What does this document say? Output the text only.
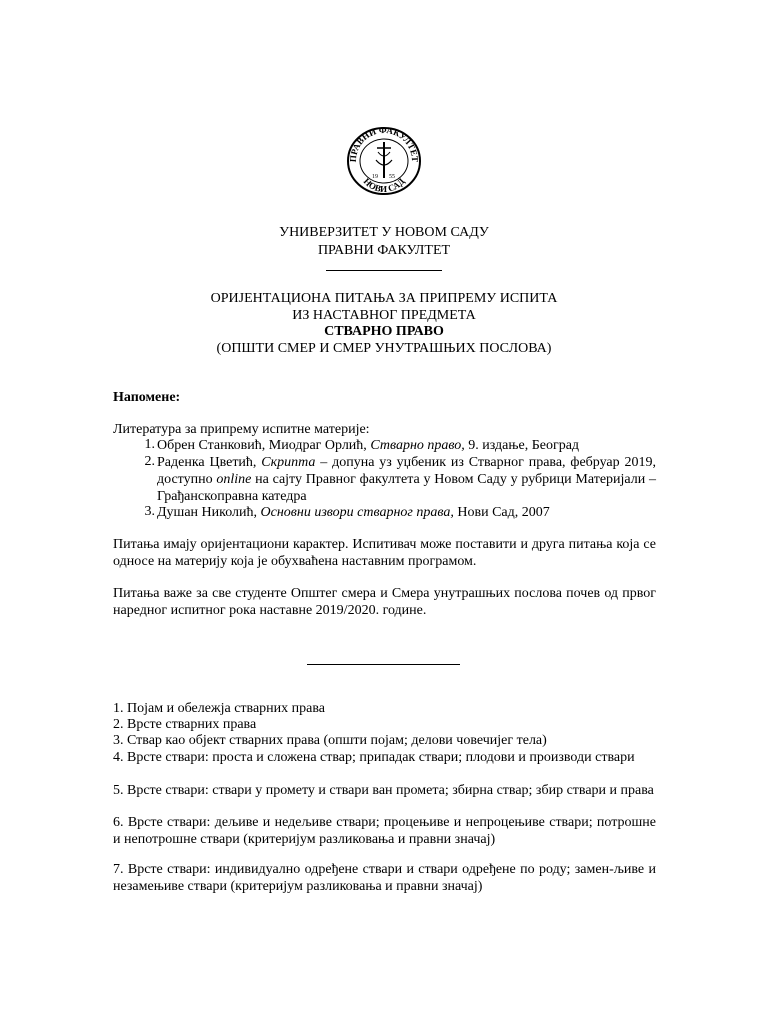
ПРАВНИ ФАКУЛТЕТ
НОВИ САД
19 55
УНИВЕРЗИТЕТ У НОВОМ САДУ
ПРАВНИ ФАКУЛТЕТ
ОРИЈЕНТАЦИОНА ПИТАЊА ЗА ПРИПРЕМУ ИСПИТА
ИЗ НАСТАВНОГ ПРЕДМЕТА
СТВАРНО ПРАВО
(ОПШТИ СМЕР И СМЕР УНУТРАШЊИХ ПОСЛОВА)
Напомене:
Литература за припрему испитне материје:
1. Обрен Станковић, Миодраг Орлић, Стварно право, 9. издање, Београд
2. Раденка Цветић, Скрипта – допуна уз уџбеник из Стварног права, фебруар 2019, доступно online на сајту Правног факултета у Новом Саду у рубрици Материјали – Грађанскоправна катедра
3. Душан Николић, Основни извори стварног права, Нови Сад, 2007
Питања имају оријентациони карактер. Испитивач може поставити и друга питања која се односе на материју која је обухваћена наставним програмом.
Питања важе за све студенте Општег смера и Смера унутрашњих послова почев од првог наредног испитног рока наставне 2019/2020. године.
1. Појам и обележја стварних права
2. Врсте стварних права
3. Ствар као објект стварних права (општи појам; делови човечијег тела)
4. Врсте ствари: проста и сложена ствар; припадак ствари; плодови и производи ствари
5. Врсте ствари: ствари у промету и ствари ван промета; збирна ствар; збир ствари и права
6. Врсте ствари: дељиве и недељиве ствари; процењиве и непроцењиве ствари; потрошне и непотрошне ствари (критеријум разликовања и правни значај)
7. Врсте ствари: индивидуално одређене ствари и ствари одређене по роду; замен-љиве и незамењиве ствари (критеријум разликовања и правни значај)
